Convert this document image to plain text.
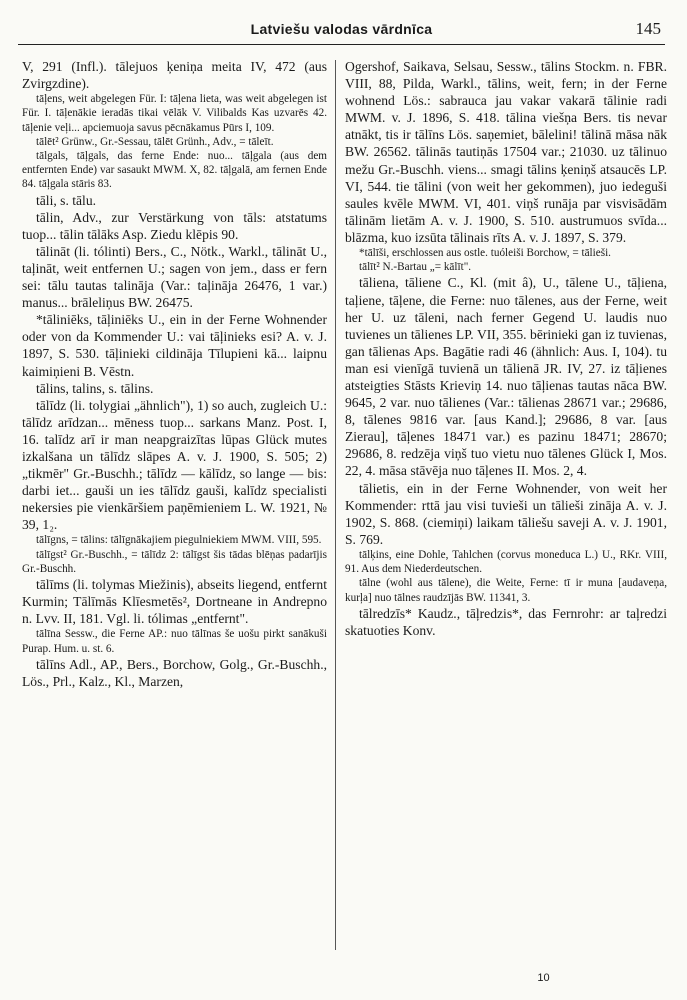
Latviešu valodas vārdnīca	145

V, 291 (Infl.). tālejuos ķeniņa meita IV, 472 (aus Zvirgzdine).

tāļens, weit abgelegen Für. I: tāļena lieta, was weit abgelegen ist Für. I. tāļenākie ieradās tikai vēlāk V. Vilibalds Kas uzvarēs 42. tāļenie veļi... apciemuoja savus pēcnākamus Pūrs I, 109.

tālēt² Grünw., Gr.-Sessau, tālēt Grünh., Adv., = tāleīt.

tālgals, tāļgals, das ferne Ende: nuo... tāļgala (aus dem entfernten Ende) var sasaukt MWM. X, 82. tāļgalā, am fernen Ende 84. tāļgala stāris 83.

tāli, s. tālu.

tālin, Adv., zur Verstärkung von tāls: atstatums tuop... tālin tālāks Asp. Ziedu klēpis 90.

tālināt (li. tólinti) Bers., C., Nötk., Warkl., tālināt U., taļināt, weit entfernen U.; sagen von jem., dass er fern sei: tālu tautas talināja (Var.: taļināja 26476, 1 var.) manus... brāleliņus BW. 26475.

*tāliniēks, tāļiniēks U., ein in der Ferne Wohnender oder von da Kommender U.: vai tāļinieks esi? A. v. J. 1897, S. 530. tāļinieki cildināja Tīlupieni kā... laipnu kaimiņieni B. Vēstn.

tālins, talins, s. tālins.

tālīdz (li. tolygiai „ähnlich"), 1) so auch, zugleich U.: tālīdz arīdzan... mēness tuop... sarkans Manz. Post. I, 16. talīdz arī ir man neapgraizītas lūpas Glück mutes izkalšana un tālīdz slāpes A. v. J. 1900, S. 505; 2) „tikmēr" Gr.-Buschh.; tālīdz — kālīdz, so lange — bis: darbi iet... gauši un ies tālīdz gauši, kalīdz specialisti nekersies pie vienkāršiem paņēmieniem L. W. 1921, № 39, 1₂.

tālīgns, = tālins: tālīgnākajiem piegulniekiem MWM. VIII, 595.

tālīgst² Gr.-Buschh., = tālīdz 2: tālīgst šis tādas blēņas padarījis Gr.-Buschh.

tālīms (li. tolymas Miežinis), abseits liegend, entfernt Kurmin; Tālīmās Klīesmetēs², Dortneane in Andrepno n. Lvv. II, 181. Vgl. li. tólimas „entfernt".

tālīna Sessw., die Ferne AP.: nuo tālīnas še uošu pirkt sanākuši Purap. Hum. u. st. 6.

tālīns Adl., AP., Bers., Borchow, Golg., Gr.-Buschh., Lös., Prl., Kalz., Kl., Marzen,

Ogershof, Saikava, Selsau, Sessw., tālins Stockm. n. FBR. VIII, 88, Pilda, Warkl., tālins, weit, fern; in der Ferne wohnend Lös.: sabrauca jau vakar vakarā tālinie radi MWM. v. J. 1896, S. 418. tālina viešņa Bers. tis nevar atnākt, tis ir tālīns Lös. saņemiet, bālelini! tālinā māsa nāk BW. 26562. tālinās tautiņās 17504 var.; 21030. uz tālinuo mežu Gr.-Buschh. viens... smagi tālins ķeniņš atsaucēs LP. VI, 544. tie tālini (von weit her gekommen), juo iedeguši saules kvēle MWM. VI, 401. viņš runāja par visvisādām tālinām lietām A. v. J. 1900, S. 510. austrumuos svīda... blāzma, kuo izsūta tālinais rīts A. v. J. 1897, S. 379.

*tālīši, erschlossen aus ostle. tuóleiši Borchow, = tālieši.

tālīt² N.-Bartau „= kālīt".

tāliena, tāliene C., Kl. (mit â), U., tālene U., tāļiena, taļiene, tāļene, die Ferne: nuo tālenes, aus der Ferne, weit her U. uz tāleni, nach ferner Gegend U. laudis nuo tuvienes un tālienes LP. VII, 355. bērinieki gan iz tuvienas, gan tālienas Aps. Bagātie radi 46 (ähnlich: Aus. I, 104). tu man esi vienīgā tuvienā un tālienā JR. IV, 27. iz tāļienes atsteigties Stāsts Krieviņ 14. nuo tāļienas tautas nāca BW. 9645, 2 var. nuo tālienes (Var.: tālienas 28671 var.; 29686, 8, tālenes 9816 var. [aus Kand.]; 29686, 8 var. [aus Zierau], tāļenes 18471 var.) es pazinu 18471; 28670; 29686, 8. redzēja viņš tuo vietu nuo tālenes Glück I, Mos. 22, 4. māsa stāvēja nuo tāļenes II. Mos. 2, 4.

tālietis, ein in der Ferne Wohnender, von weit her Kommender: rttā jau visi tuvieši un tālieši zināja A. v. J. 1902, S. 868. (ciemiņi) laikam tāliešu saveji A. v. J. 1901, S. 769.

tālķins, eine Dohle, Tahlchen (corvus moneduca L.) U., RKr. VIII, 91. Aus dem Niederdeutschen.

tālne (wohl aus tālene), die Weite, Ferne: tī ir muna [audaveņa, kurļa] nuo tālnes raudzījās BW. 11341, 3.

tālredzīs* Kaudz., tāļredzis*, das Fernrohr: ar taļredzi skatuoties Konv.

10
